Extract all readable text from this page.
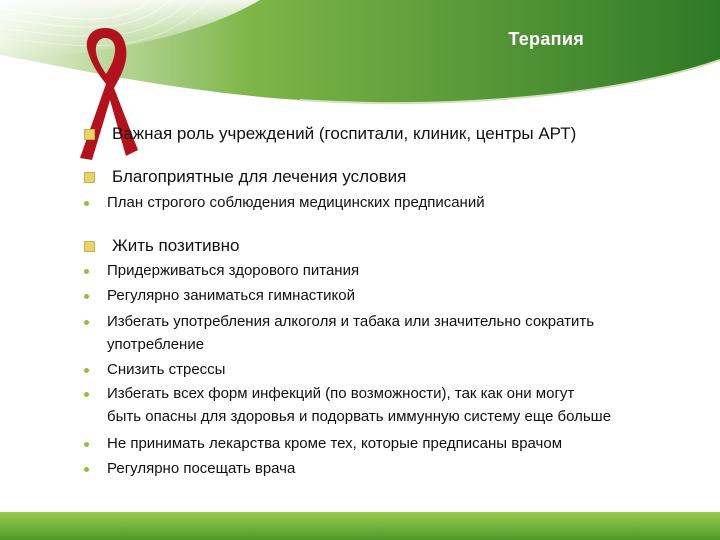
Терапия
Важная роль учреждений (госпитали, клиник, центры АРТ)
Благоприятные для лечения условия
План строгого соблюдения медицинских предписаний
Жить позитивно
Придерживаться здорового питания
Регулярно заниматься гимнастикой
Избегать употребления алкоголя и табака или значительно сократить
употребление
Снизить стрессы
Избегать всех форм инфекций (по возможности), так как они могут
быть опасны для здоровья и подорвать иммунную систему еще больше
Не принимать лекарства кроме тех, которые предписаны врачом
Регулярно посещать врача
